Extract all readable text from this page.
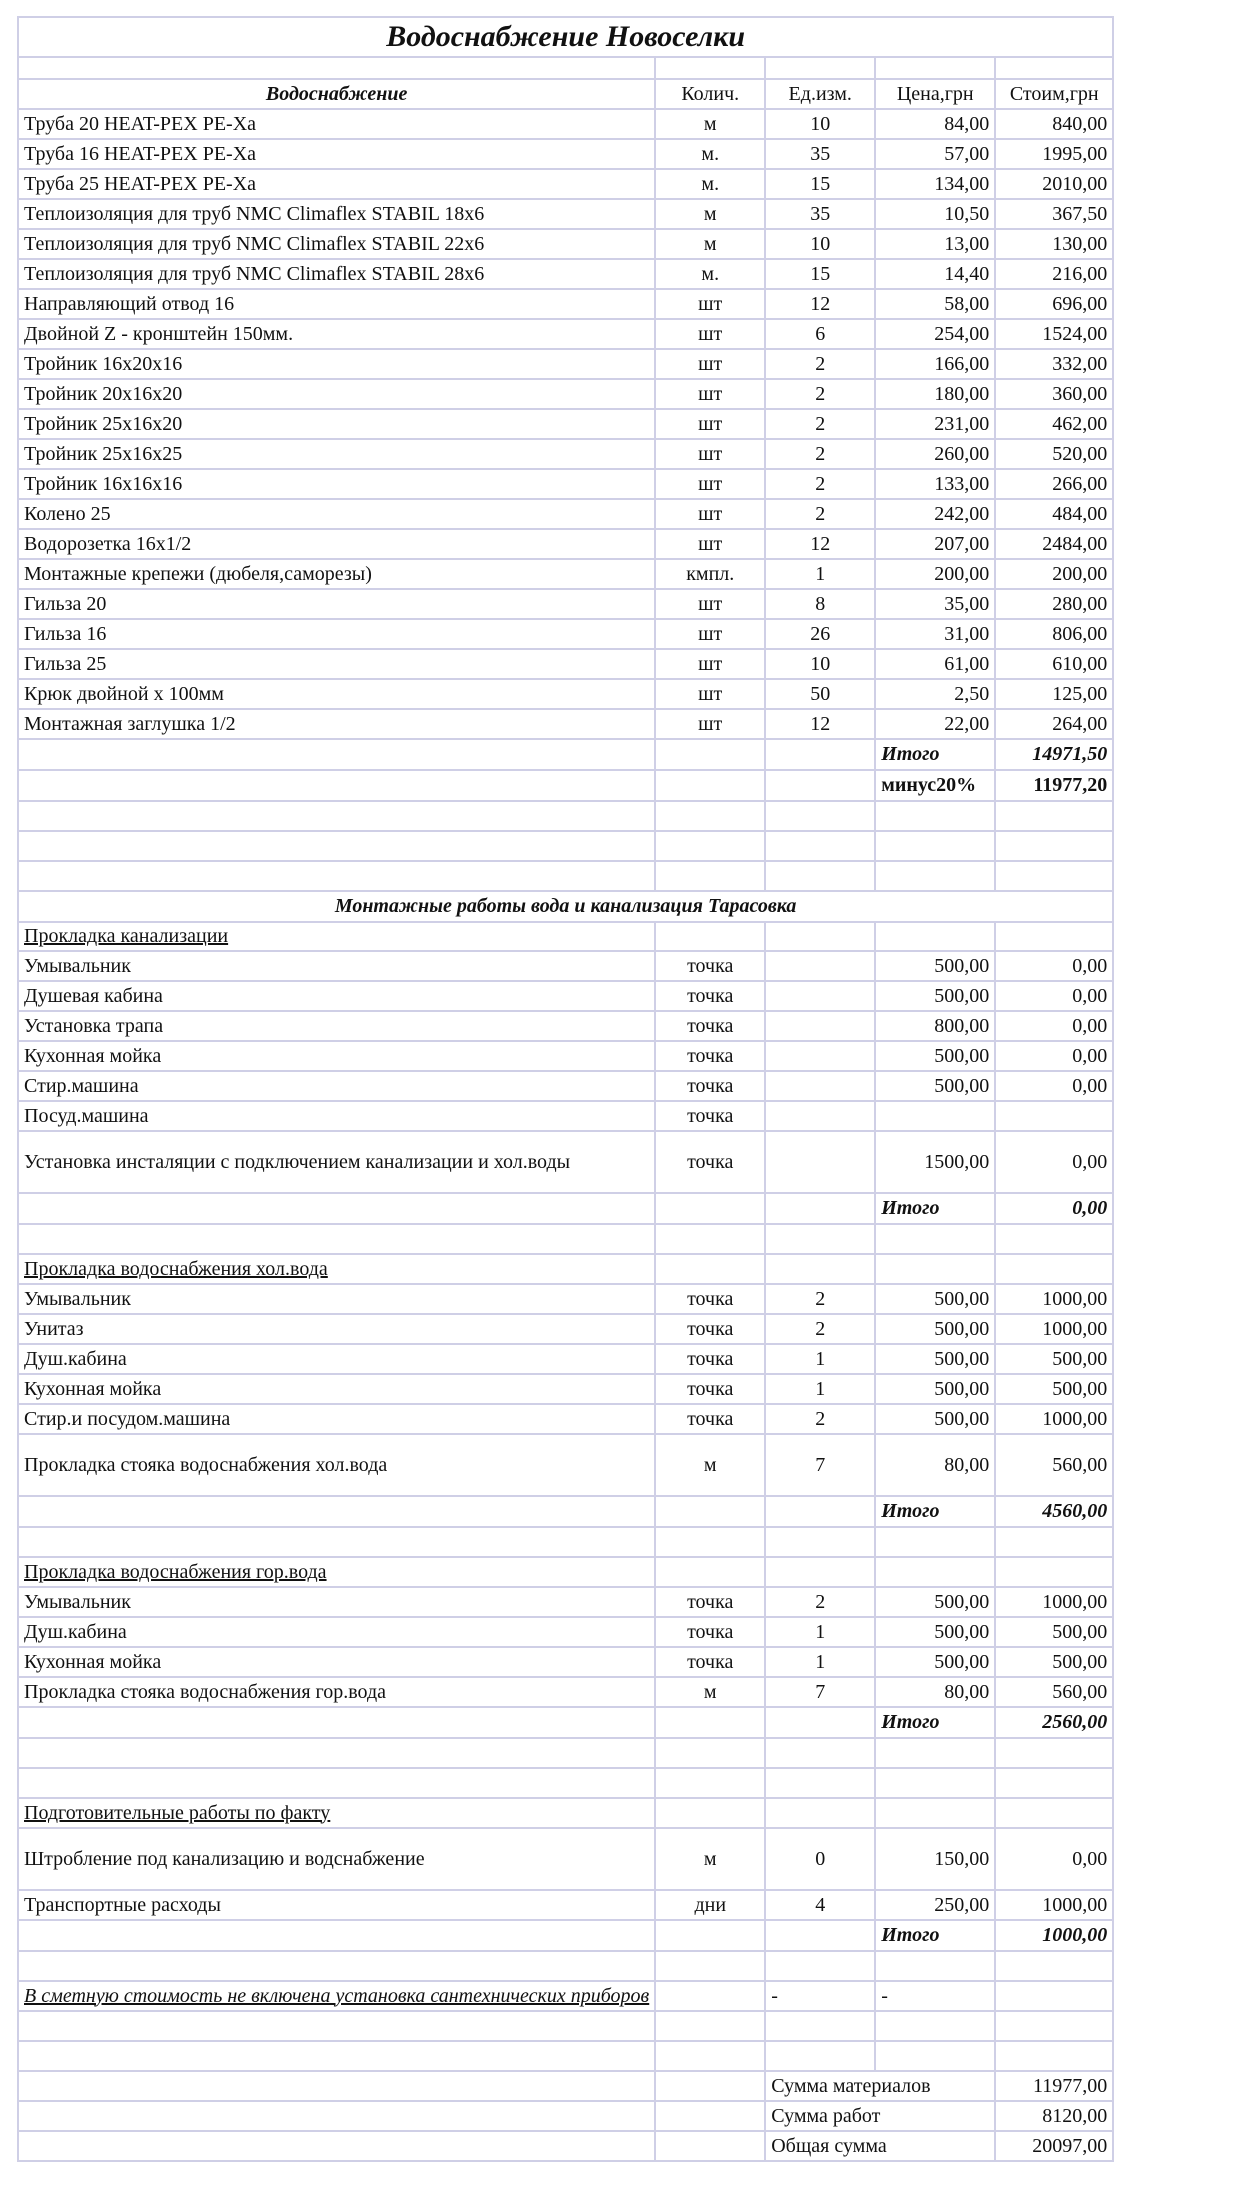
Водоснабжение Новоселки				

Водоснабжение	Колич.	Ед.изм.	Цена,грн	Стоим,грн
Труба 20 HEAT-PEX PE-Xa	м	10	84,00	840,00
Труба 16 HEAT-PEX PE-Xa	м.	35	57,00	1995,00
Труба 25 HEAT-PEX PE-Xa	м.	15	134,00	2010,00
Теплоизоляция для труб NMC Climaflex STABIL 18х6	м	35	10,50	367,50
Теплоизоляция для труб NMC Climaflex STABIL 22х6	м	10	13,00	130,00
Теплоизоляция для труб NMC Climaflex STABIL 28х6	м.	15	14,40	216,00
Направляющий отвод 16	шт	12	58,00	696,00
Двойной Z - кронштейн 150мм.	шт	6	254,00	1524,00
Тройник 16х20х16	шт	2	166,00	332,00
Тройник 20х16х20	шт	2	180,00	360,00
Тройник 25х16х20	шт	2	231,00	462,00
Тройник 25х16х25	шт	2	260,00	520,00
Тройник 16х16х16	шт	2	133,00	266,00
Колено 25	шт	2	242,00	484,00
Водорозетка 16х1/2	шт	12	207,00	2484,00
Монтажные крепежи (дюбеля,саморезы)	кмпл.	1	200,00	200,00
Гильза 20	шт	8	35,00	280,00
Гильза 16	шт	26	31,00	806,00
Гильза 25	шт	10	61,00	610,00
Крюк двойной х 100мм	шт	50	2,50	125,00
Монтажная заглушка 1/2	шт	12	22,00	264,00
			Итого	14971,50
			минус20%	11977,20

Монтажные работы вода и канализация Тарасовка				
Прокладка канализации				
Умывальник	точка		500,00	0,00
Душевая кабина	точка		500,00	0,00
Установка трапа	точка		800,00	0,00
Кухонная мойка	точка		500,00	0,00
Стир.машина	точка		500,00	0,00
Посуд.машина	точка			
Установка инсталяции с подключением канализации и хол.воды	точка		1500,00	0,00
			Итого	0,00

Прокладка водоснабжения хол.вода				
Умывальник	точка	2	500,00	1000,00
Унитаз	точка	2	500,00	1000,00
Душ.кабина	точка	1	500,00	500,00
Кухонная мойка	точка	1	500,00	500,00
Стир.и посудом.машина	точка	2	500,00	1000,00
Прокладка стояка водоснабжения хол.вода	м	7	80,00	560,00
			Итого	4560,00

Прокладка водоснабжения гор.вода				
Умывальник	точка	2	500,00	1000,00
Душ.кабина	точка	1	500,00	500,00
Кухонная мойка	точка	1	500,00	500,00
Прокладка стояка водоснабжения гор.вода	м	7	80,00	560,00
			Итого	2560,00

Подготовительные работы по факту				
Штробление под канализацию и водснабжение	м	0	150,00	0,00
Транспортные расходы	дни	4	250,00	1000,00
			Итого	1000,00

В сметную стоимость не включена установка сантехнических приборов		-	-	

		Сумма материалов		11977,00
		Сумма работ		8120,00
		Общая сумма		20097,00
